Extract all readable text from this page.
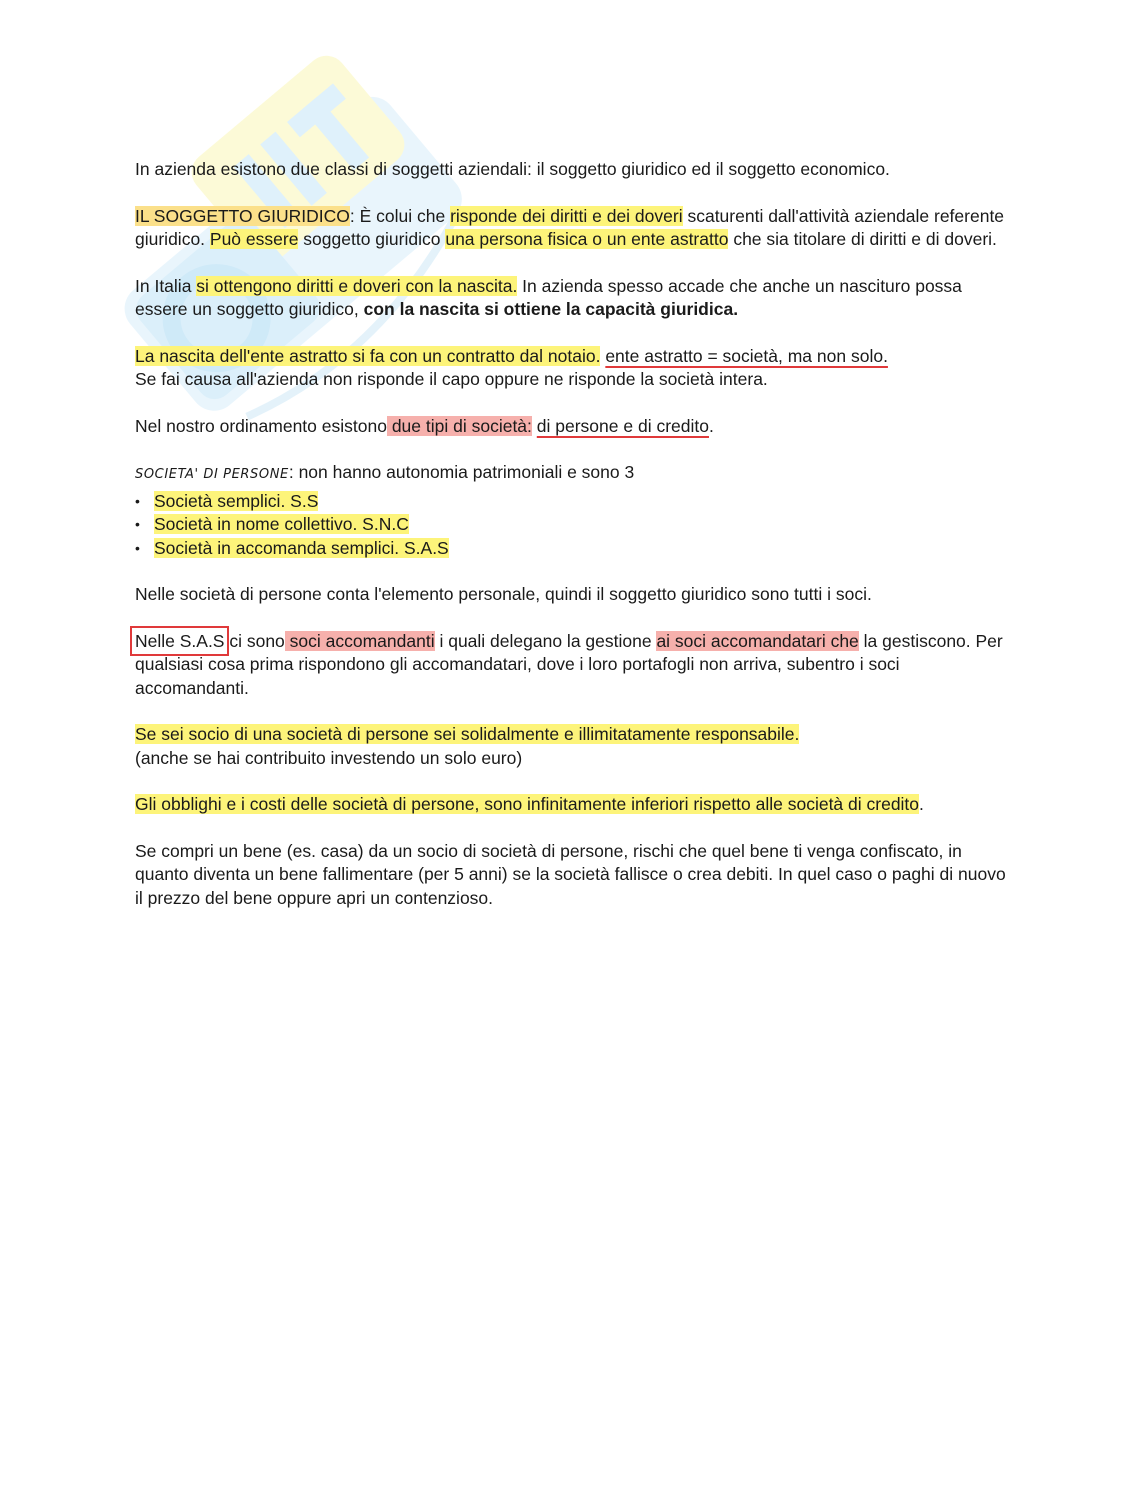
In azienda esistono due classi di soggetti aziendali: il soggetto giuridico ed il soggetto economico.

IL SOGGETTO GIURIDICO: È colui che risponde dei diritti e dei doveri scaturenti dall'attività aziendale referente giuridico. Può essere soggetto giuridico una persona fisica o un ente astratto che sia titolare di diritti e di doveri.

In Italia si ottengono diritti e doveri con la nascita. In azienda spesso accade che anche un nascituro possa essere un soggetto giuridico, con la nascita si ottiene la capacità giuridica.

La nascita dell'ente astratto si fa con un contratto dal notaio. ente astratto = società, ma non solo.
Se fai causa all'azienda non risponde il capo oppure ne risponde la società intera.

Nel nostro ordinamento esistono due tipi di società: di persone e di credito.

SOCIETA' DI PERSONE: non hanno autonomia patrimoniali e sono 3
• Società semplici. S.S
• Società in nome collettivo. S.N.C
• Società in accomanda semplici. S.A.S

Nelle società di persone conta l'elemento personale, quindi il soggetto giuridico sono tutti i soci.

Nelle S.A.S ci sono soci accomandanti i quali delegano la gestione ai soci accomandatari che la gestiscono. Per qualsiasi cosa prima rispondono gli accomandatari, dove i loro portafogli non arriva, subentro i soci accomandanti.

Se sei socio di una società di persone sei solidalmente e illimitatamente responsabile.
(anche se hai contribuito investendo un solo euro)

Gli obblighi e i costi delle società di persone, sono infinitamente inferiori rispetto alle società di credito.

Se compri un bene (es. casa) da un socio di società di persone, rischi che quel bene ti venga confiscato, in quanto diventa un bene fallimentare (per 5 anni) se la società fallisce o crea debiti. In quel caso o paghi di nuovo il prezzo del bene oppure apri un contenzioso.
